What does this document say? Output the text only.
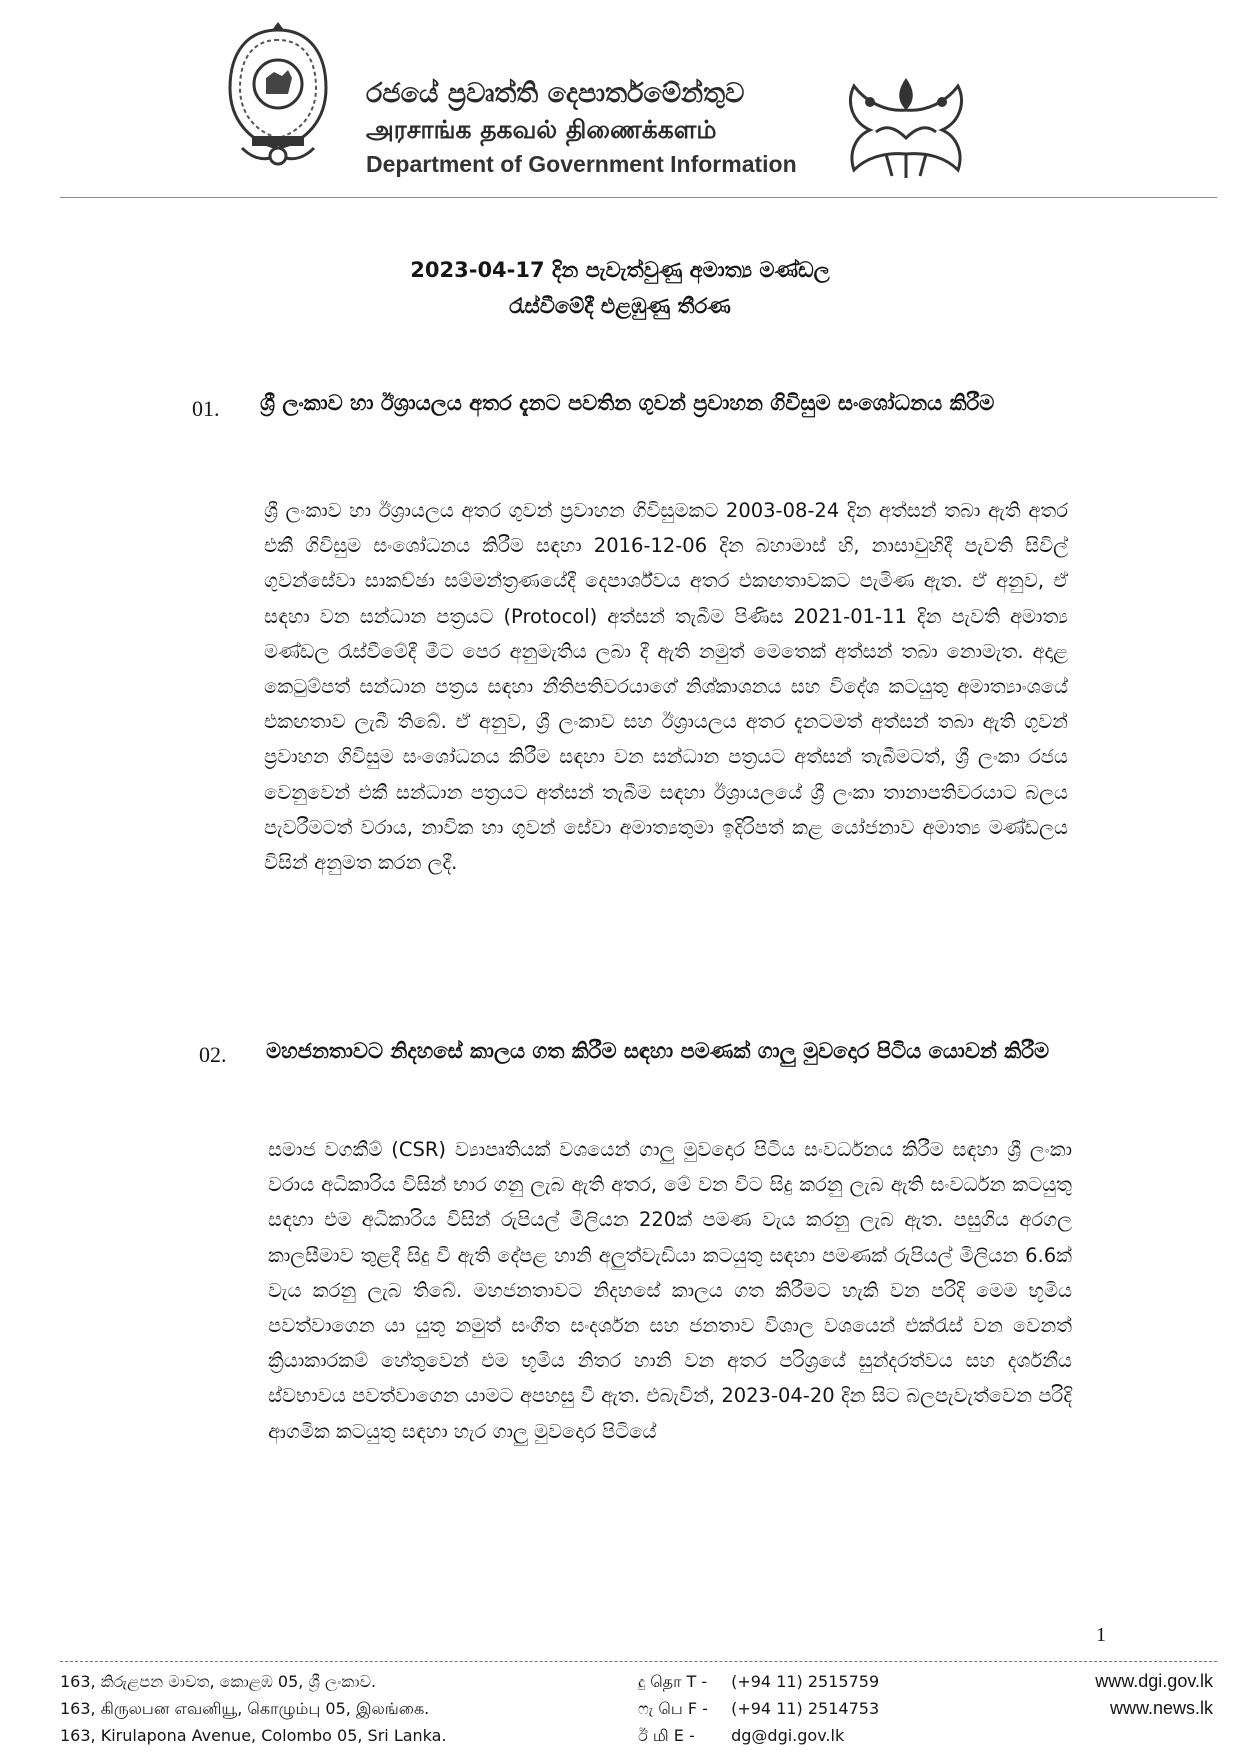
රජයේ ප්‍රවෘත්ති දෙපාර්තමේන්තුව
அரசாங்க தகவல் திணைக்களம்
Department of Government Information
2023-04-17 දින පැවැත්වුණු අමාත්‍ය මණ්ඩල
රැස්වීමේදී එළඹුණු තීරණ
01. ශ්‍රී ලංකාව හා ඊශ්‍රායලය අතර දැනට පවතින ගුවන් ප්‍රවාහන ගිවිසුම සංශෝධනය කිරීම
ශ්‍රී ලංකාව හා ඊශ්‍රායලය අතර ගුවන් ප්‍රවාහන ගිවිසුමකට 2003-08-24 දින අත්සන් තබා ඇති අතර එකී ගිවිසුම සංශෝධනය කිරීම සඳහා 2016-12-06 දින බහාමාස් හි, නාසාවුහිදී පැවති සිවිල් ගුවන්සේවා සාකච්ඡා සම්මන්ත්‍රණයේදී දෙපාර්ශ්වය අතර එකඟතාවකට පැමිණ ඇත. ඒ අනුව, ඒ සඳහා වන සන්ධාන පත්‍රයට (Protocol) අත්සන් තැබීම පිණිස 2021-01-11 දින පැවති අමාත්‍ය මණ්ඩල රැස්වීමේදී මීට පෙර අනුමැතිය ලබා දී ඇති නමුත් මෙතෙක් අත්සන් තබා නොමැත. අදාළ කෙටුම්පත් සන්ධාන පත්‍රය සඳහා නීතිපතිවරයාගේ නිශ්කාශනය සහ විදේශ කටයුතු අමාත්‍යාංශයේ එකඟතාව ලැබී තිබේ. ඒ අනුව, ශ්‍රී ලංකාව සහ ඊශ්‍රායලය අතර දැනටමත් අත්සන් තබා ඇති ගුවන් ප්‍රවාහන ගිවිසුම සංශෝධනය කිරීම සඳහා වන සන්ධාන පත්‍රයට අත්සන් තැබීමටත්, ශ්‍රී ලංකා රජය වෙනුවෙන් එකී සන්ධාන පත්‍රයට අත්සන් තැබීම සඳහා ඊශ්‍රායලයේ ශ්‍රී ලංකා තානාපතිවරයාට බලය පැවරීමටත් වරාය, නාවික හා ගුවන් සේවා අමාත්‍යතුමා ඉදිරිපත් කළ යෝජනාව අමාත්‍ය මණ්ඩලය විසින් අනුමත කරන ලදී.
02. මහජනතාවට නිදහසේ කාලය ගත කිරීම සඳහා පමණක් ගාලු මුවදොර පිටිය යොවන් කිරීම
සමාජ වගකීම් (CSR) ව්‍යාපෘතියක් වශයෙන් ගාලු මුවදොර පිටිය සංවර්ධනය කිරීම සඳහා ශ්‍රී ලංකා වරාය අධිකාරිය විසින් භාර ගනු ලැබ ඇති අතර, මේ වන විට සිදු කරනු ලැබ ඇති සංවර්ධන කටයුතු සඳහා එම අධිකාරිය විසින් රුපියල් මිලියන 220ක් පමණ වැය කරනු ලැබ ඇත. පසුගිය අරගල කාලසීමාව තුළදී සිදු වී ඇති දේපළ හානි අලුත්වැඩියා කටයුතු සඳහා පමණක් රුපියල් මිලියන 6.6ක් වැය කරනු ලැබ තිබේ. මහජනතාවට නිදහසේ කාලය ගත කිරීමට හැකි වන පරිදි මෙම භූමිය පවත්වාගෙන යා යුතු නමුත් සංගීත සංදර්ශන සහ ජනතාව විශාල වශයෙන් එක්රැස් වන වෙනත් ක්‍රියාකාරකම් හේතුවෙන් එම භූමිය නිතර හානි වන අතර පරිශ්‍රයේ සුන්දරත්වය සහ දර්ශනීය ස්වභාවය පවත්වාගෙන යාමට අපහසු වී ඇත. එබැවින්, 2023-04-20 දින සිට බලපැවැත්වෙන පරිදි ආගමික කටයුතු සඳහා හැර ගාලු මුවදොර පිටියේ
1
163, කිරුළපන මාවත, කොළඹ 05, ශ්‍රී ලංකාව.
163, கிருலபன எவனியூ, கொழும்பு 05, இலங்கை.
163, Kirulapona Avenue, Colombo 05, Sri Lanka.
දු தொ T - (+94 11) 2515759
ෆැ பெ F - (+94 11) 2514753
ඊ மி E - dg@dgi.gov.lk
www.dgi.gov.lk
www.news.lk
